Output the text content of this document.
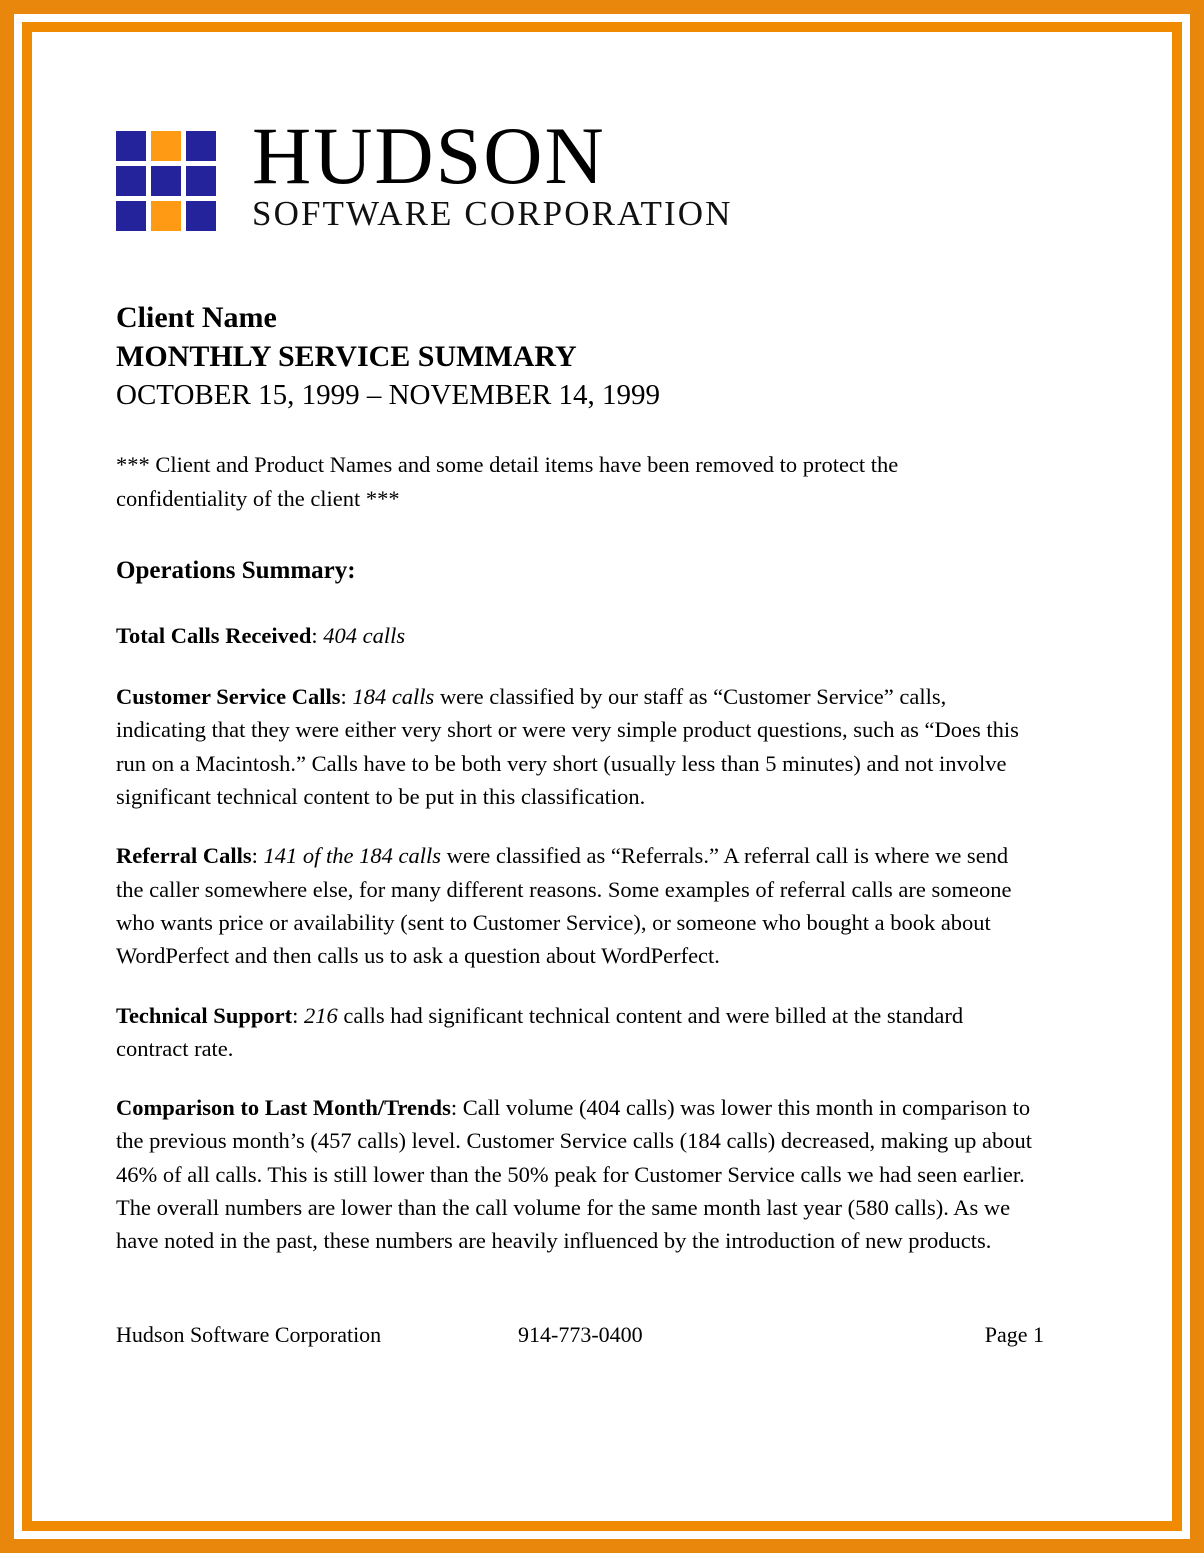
HUDSON
SOFTWARE CORPORATION
Client Name
MONTHLY SERVICE SUMMARY
OCTOBER 15, 1999 – NOVEMBER 14, 1999

*** Client and Product Names and some detail items have been removed to protect the confidentiality of the client ***

Operations Summary:

Total Calls Received: 404 calls

Customer Service Calls: 184 calls were classified by our staff as “Customer Service” calls, indicating that they were either very short or were very simple product questions, such as “Does this run on a Macintosh.” Calls have to be both very short (usually less than 5 minutes) and not involve significant technical content to be put in this classification.

Referral Calls: 141 of the 184 calls were classified as “Referrals.” A referral call is where we send the caller somewhere else, for many different reasons. Some examples of referral calls are someone who wants price or availability (sent to Customer Service), or someone who bought a book about WordPerfect and then calls us to ask a question about WordPerfect.

Technical Support: 216 calls had significant technical content and were billed at the standard contract rate.

Comparison to Last Month/Trends: Call volume (404 calls) was lower this month in comparison to the previous month’s (457 calls) level. Customer Service calls (184 calls) decreased, making up about 46% of all calls. This is still lower than the 50% peak for Customer Service calls we had seen earlier. The overall numbers are lower than the call volume for the same month last year (580 calls). As we have noted in the past, these numbers are heavily influenced by the introduction of new products.

Hudson Software Corporation	914-773-0400	Page 1
